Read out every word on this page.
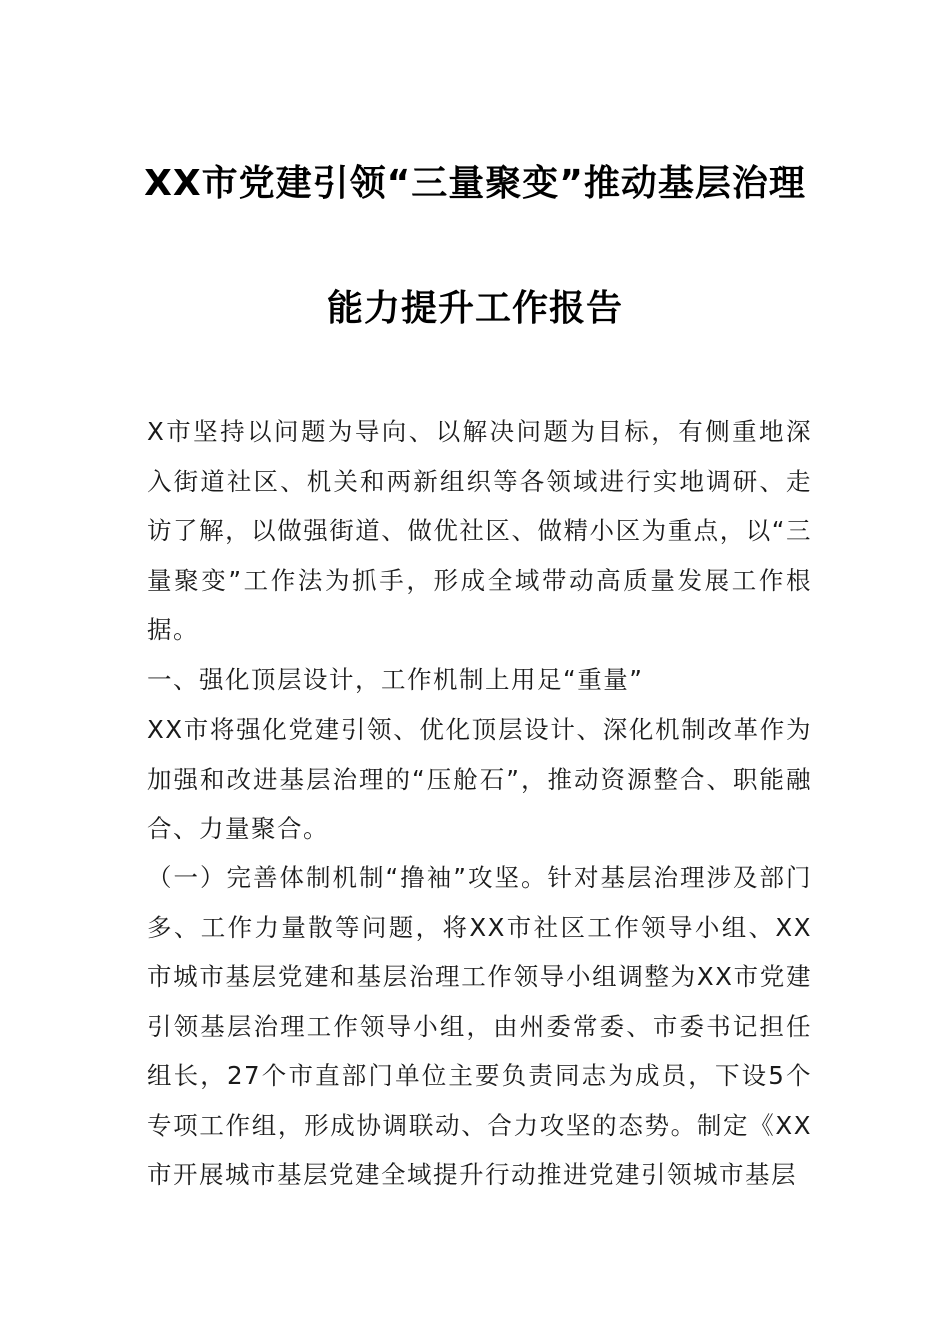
XX市党建引领“三量聚变”推动基层治理
能力提升工作报告

X市坚持以问题为导向、以解决问题为目标，有侧重地深入街道社区、机关和两新组织等各领域进行实地调研、走访了解，以做强街道、做优社区、做精小区为重点，以“三量聚变”工作法为抓手，形成全域带动高质量发展工作根据。

一、强化顶层设计，工作机制上用足“重量”

XX市将强化党建引领、优化顶层设计、深化机制改革作为加强和改进基层治理的“压舱石”，推动资源整合、职能融合、力量聚合。

（一）完善体制机制“撸袖”攻坚。针对基层治理涉及部门多、工作力量散等问题，将XX市社区工作领导小组、XX市城市基层党建和基层治理工作领导小组调整为XX市党建引领基层治理工作领导小组，由州委常委、市委书记担任组长，27个市直部门单位主要负责同志为成员，下设5个专项工作组，形成协调联动、合力攻坚的态势。制定《XX市开展城市基层党建全域提升行动推进党建引领城市基层
